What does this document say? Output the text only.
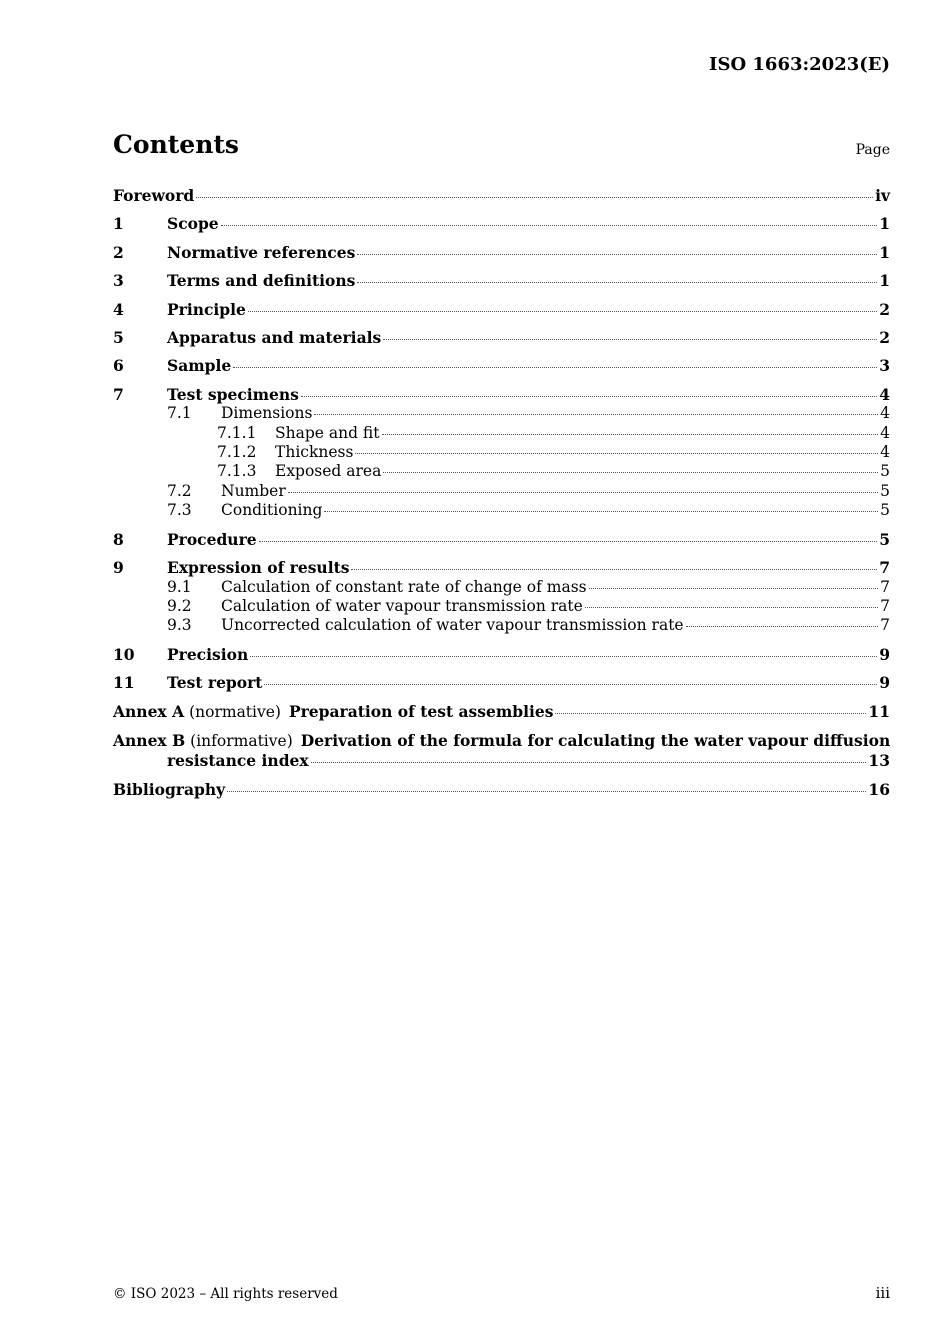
ISO 1663:2023(E)
Contents	Page
Foreword	iv
1	Scope	1
2	Normative references	1
3	Terms and definitions	1
4	Principle	2
5	Apparatus and materials	2
6	Sample	3
7	Test specimens	4
7.1	Dimensions	4
7.1.1	Shape and fit	4
7.1.2	Thickness	4
7.1.3	Exposed area	5
7.2	Number	5
7.3	Conditioning	5
8	Procedure	5
9	Expression of results	7
9.1	Calculation of constant rate of change of mass	7
9.2	Calculation of water vapour transmission rate	7
9.3	Uncorrected calculation of water vapour transmission rate	7
10	Precision	9
11	Test report	9
Annex A (normative) Preparation of test assemblies	11
Annex B (informative) Derivation of the formula for calculating the water vapour diffusion
resistance index	13
Bibliography	16
© ISO 2023 – All rights reserved	iii
